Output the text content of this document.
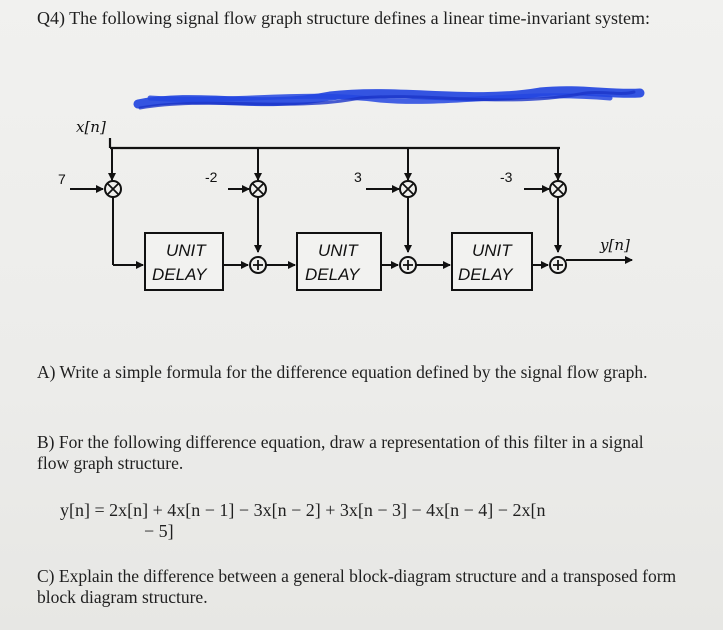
Q4) The following signal flow graph structure defines a linear time-invariant system:
x[n]
7	-2	3	-3
UNIT
DELAY
UNIT
DELAY
UNIT
DELAY
y[n]
A) Write a simple formula for the difference equation defined by the signal flow graph.
B) For the following difference equation, draw a representation of this filter in a signal flow graph structure.
y[n] = 2x[n] + 4x[n − 1] − 3x[n − 2] + 3x[n − 3] − 4x[n − 4] − 2x[n
− 5]
C) Explain the difference between a general block-diagram structure and a transposed form block diagram structure.
